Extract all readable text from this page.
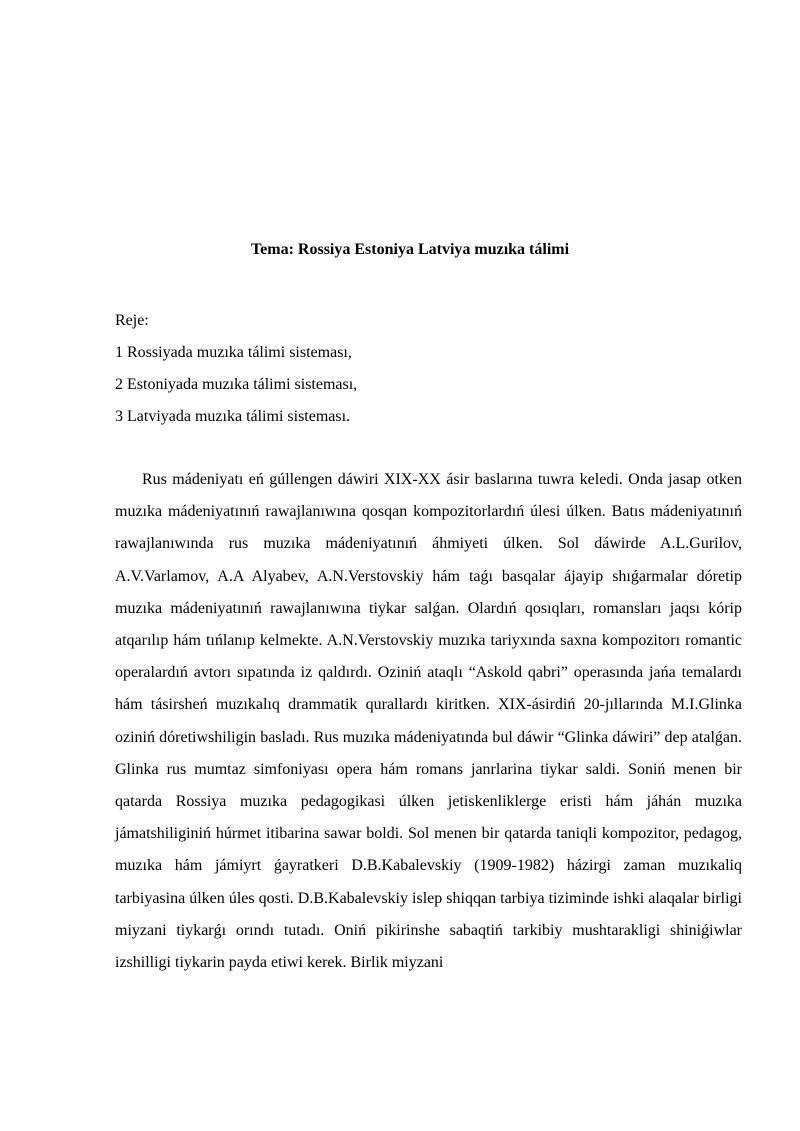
Tema: Rossiya Estoniya Latviya muzıka tálimi
Reje:
1 Rossiyada muzıka tálimi sisteması,
2 Estoniyada muzıka tálimi sisteması,
3 Latviyada muzıka tálimi sisteması.

Rus mádeniyatı eń gúllengen dáwiri XIX-XX ásir baslarına tuwra keledi. Onda jasap otken muzıka mádeniyatınıń rawajlanıwına qosqan kompozitorlardıń úlesi úlken. Batıs mádeniyatınıń rawajlanıwında rus muzıka mádeniyatınıń áhmiyeti úlken. Sol dáwirde A.L.Gurilov, A.V.Varlamov, A.A Alyabev, A.N.Verstovskiy hám taǵı basqalar ájayip shıǵarmalar dóretip muzıka mádeniyatınıń rawajlanıwına tiykar salǵan. Olardıń qosıqları, romansları jaqsı kórip atqarılıp hám tıńlanıp kelmekte. A.N.Verstovskiy muzıka tariyxında saxna kompozitorı romantic operalardıń avtorı sıpatında iz qaldırdı. Oziniń ataqlı “Askold qabri” operasında jańa temalardı hám tásirsheń muzıkalıq drammatik qurallardı kiritken. XIX-ásirdiń 20-jıllarında M.I.Glinka oziniń dóretiwshiligin basladı. Rus muzıka mádeniyatında bul dáwir “Glinka dáwiri” dep atalǵan. Glinka rus mumtaz simfoniyası opera hám romans janrlarina tiykar saldi. Soniń menen bir qatarda Rossiya muzıka pedagogikasi úlken jetiskenliklerge eristi hám jáhán muzıka jámatshiliginiń húrmet itibarina sawar boldi. Sol menen bir qatarda taniqli kompozitor, pedagog, muzıka hám jámiyrt ǵayratkeri D.B.Kabalevskiy (1909-1982) házirgi zaman muzıkaliq tarbiyasina úlken úles qosti. D.B.Kabalevskiy islep shiqqan tarbiya tiziminde ishki alaqalar birligi miyzani tiykarǵı orındı tutadı. Oniń pikirinshe sabaqtiń tarkibiy mushtarakligi shiniǵiwlar izshilligi tiykarin payda etiwi kerek. Birlik miyzani
